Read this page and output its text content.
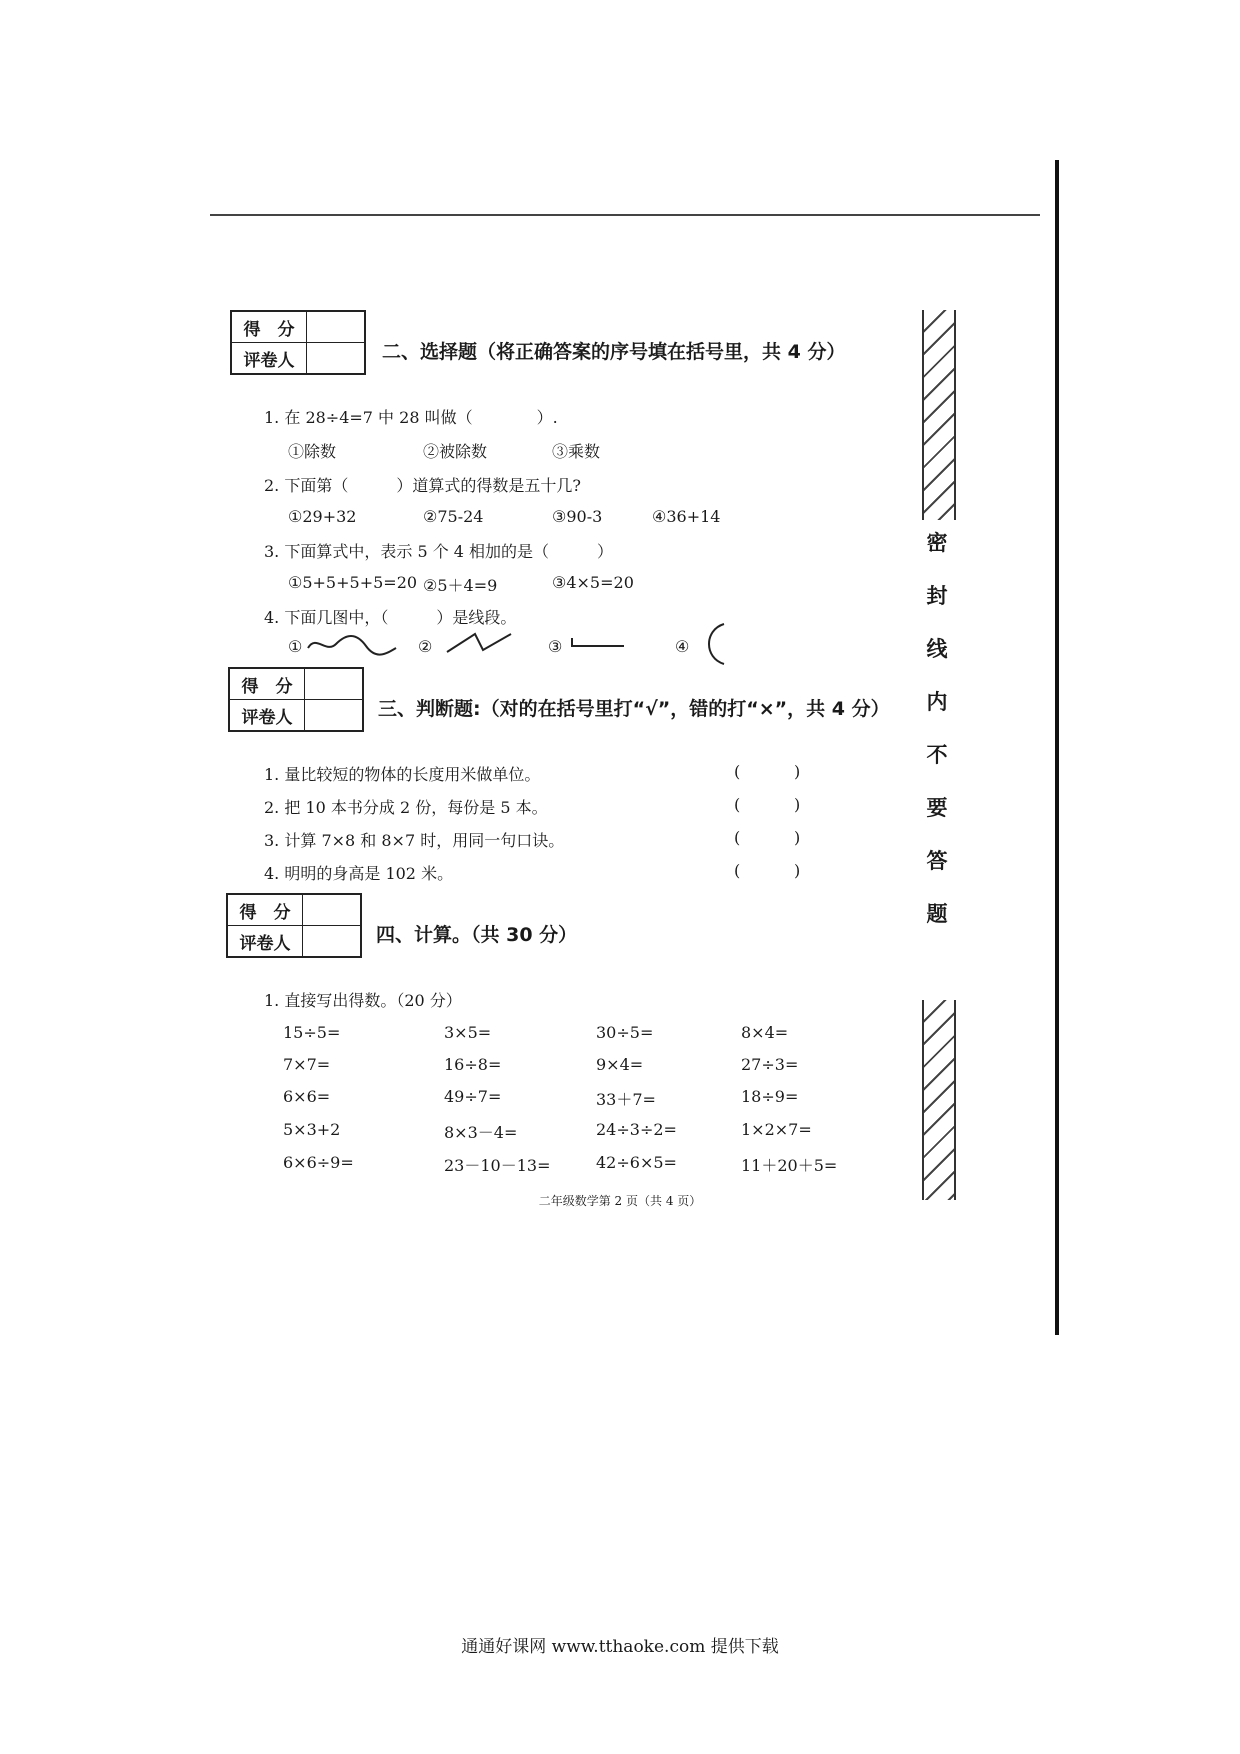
密
封
线
内
不
要
答
题
得　分	
评卷人		二、选择题（将正确答案的序号填在括号里，共 4 分）
1. 在 28÷4=7 中 28 叫做（　　　　）.
①除数	②被除数	③乘数
2. 下面第（　　　）道算式的得数是五十几?
①29+32	②75-24	③90-3	④36+14
3. 下面算式中，表示 5 个 4 相加的是（　　　）
①5+5+5+5=20 ②5＋4=9	③4×5=20
4. 下面几图中，（　　　）是线段。
①	②	③	④
得　分	
评卷人		三、判断题:（对的在括号里打“√”，错的打“×”，共 4 分）
1. 量比较短的物体的长度用米做单位。	(	)
2. 把 10 本书分成 2 份，每份是 5 本。	(	)
3. 计算 7×8 和 8×7 时，用同一句口诀。	(	)
4. 明明的身高是 102 米。	(	)
得　分	
评卷人		四、计算。（共 30 分）
1. 直接写出得数。（20 分）
15÷5=	3×5=	30÷5=	8×4=
7×7=	16÷8=	9×4=	27÷3=
6×6=	49÷7=	33＋7=	18÷9=
5×3+2	8×3－4=	24÷3÷2=	1×2×7=
6×6÷9=	23－10－13=	42÷6×5=	11＋20＋5=
二年级数学第 2 页（共 4 页）
通通好课网 www.tthaoke.com 提供下载
